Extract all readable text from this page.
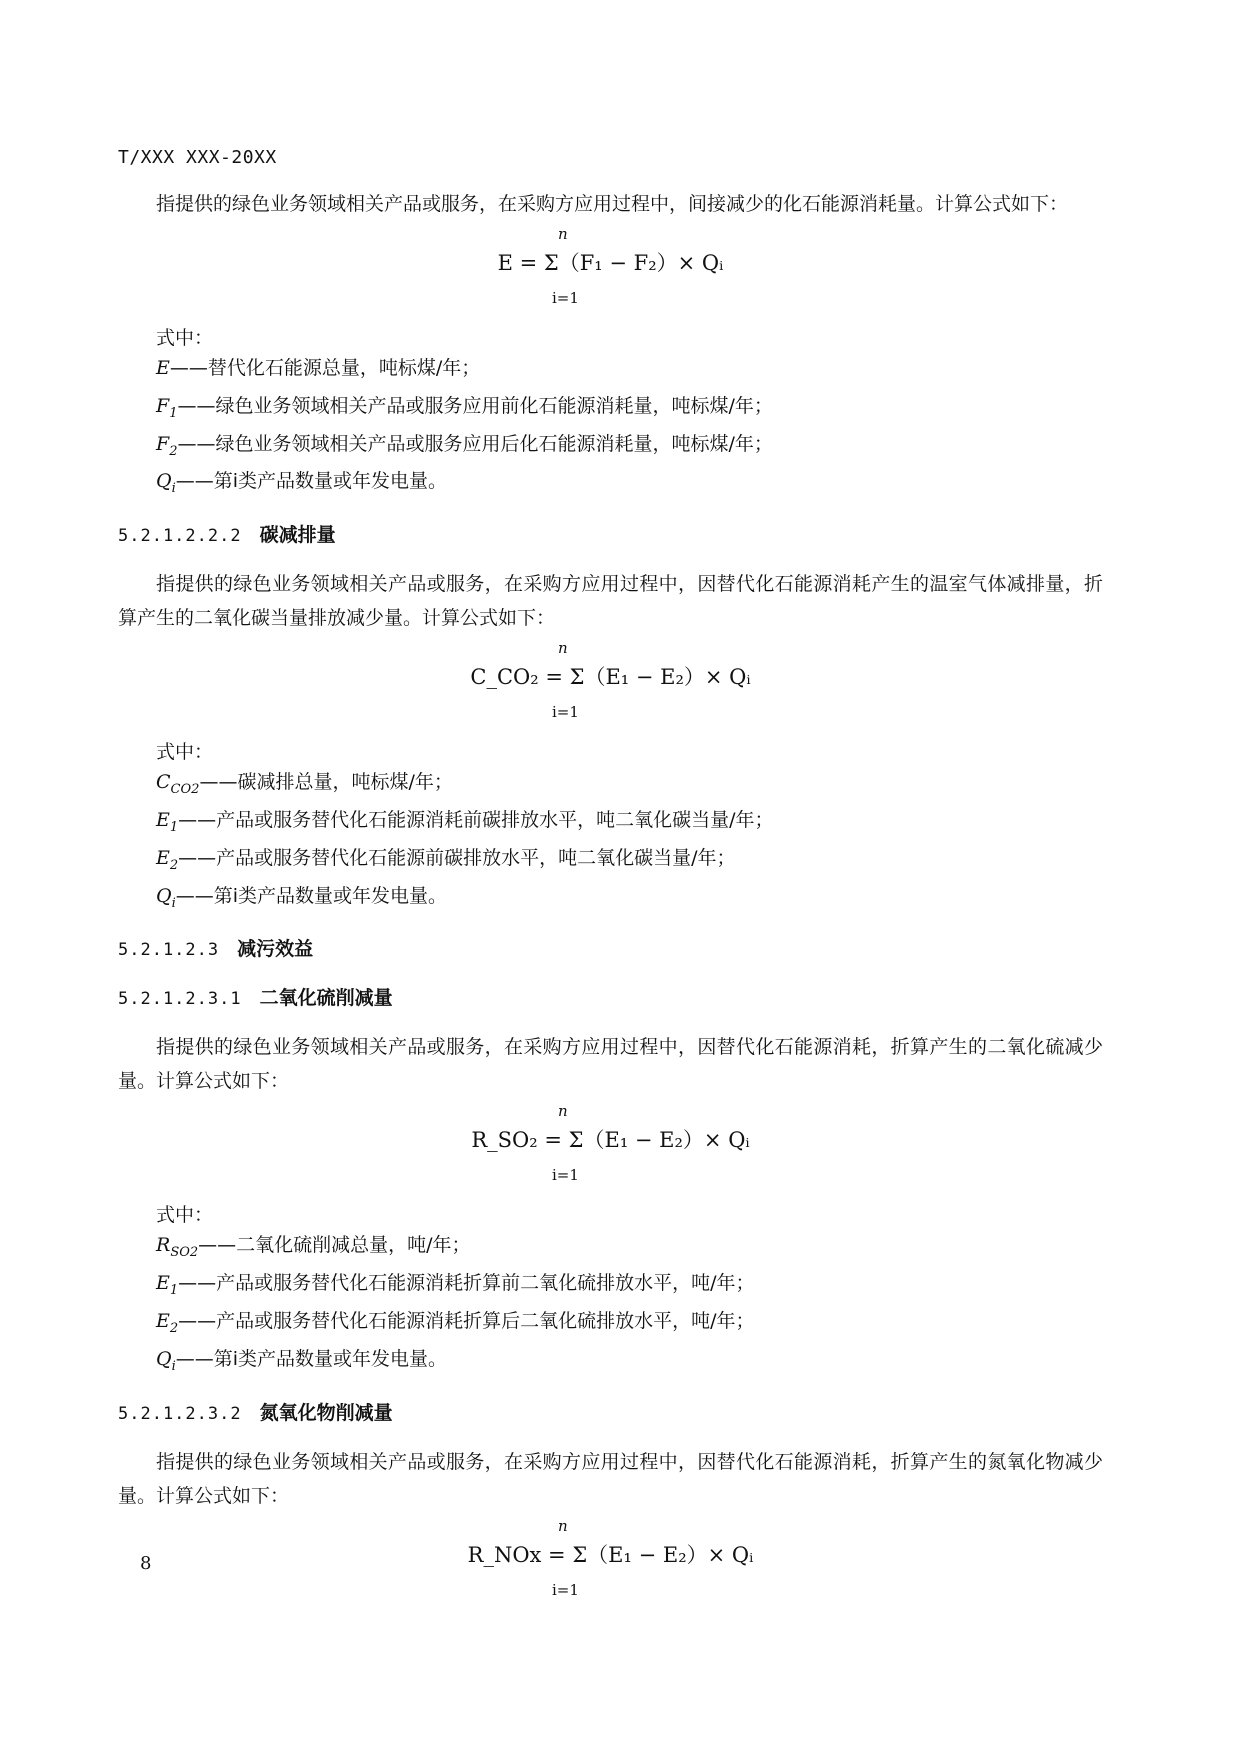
T/XXX XXX-20XX

指提供的绿色业务领域相关产品或服务，在采购方应用过程中，间接减少的化石能源消耗量。计算公式如下：

n
E = Σ（F₁ − F₂）× Qᵢ
i=1

式中：

E——替代化石能源总量，吨标煤/年；

$F_1——$绿色业务领域相关产品或服务应用前化石能源消耗量，吨标煤/年；

$F_2——$绿色业务领域相关产品或服务应用后化石能源消耗量，吨标煤/年；

$Q_i——$第i类产品数量或年发电量。

5.2.1.2.2.2 碳减排量

指提供的绿色业务领域相关产品或服务，在采购方应用过程中，因替代化石能源消耗产生的温室气体减排量，折算产生的二氧化碳当量排放减少量。计算公式如下：

n
C_CO₂ = Σ（E₁ − E₂）× Qᵢ
i=1

式中：

$C_{CO2}——$碳减排总量，吨标煤/年；

$E_1——$产品或服务替代化石能源消耗前碳排放水平，吨二氧化碳当量/年；

$E_2——$产品或服务替代化石能源前碳排放水平，吨二氧化碳当量/年；

$Q_i——$第i类产品数量或年发电量。

5.2.1.2.3 减污效益
5.2.1.2.3.1 二氧化硫削减量

指提供的绿色业务领域相关产品或服务，在采购方应用过程中，因替代化石能源消耗，折算产生的二氧化硫减少量。计算公式如下：

n
R_SO₂ = Σ（E₁ − E₂）× Qᵢ
i=1

式中：

$R_{SO2}——$二氧化硫削减总量，吨/年；

$E_1——$产品或服务替代化石能源消耗折算前二氧化硫排放水平，吨/年；

$E_2——$产品或服务替代化石能源消耗折算后二氧化硫排放水平，吨/年；

$Q_i——$第i类产品数量或年发电量。

5.2.1.2.3.2 氮氧化物削减量

指提供的绿色业务领域相关产品或服务，在采购方应用过程中，因替代化石能源消耗，折算产生的氮氧化物减少量。计算公式如下：

n
R_NOx = Σ（E₁ − E₂）× Qᵢ
i=1
8
